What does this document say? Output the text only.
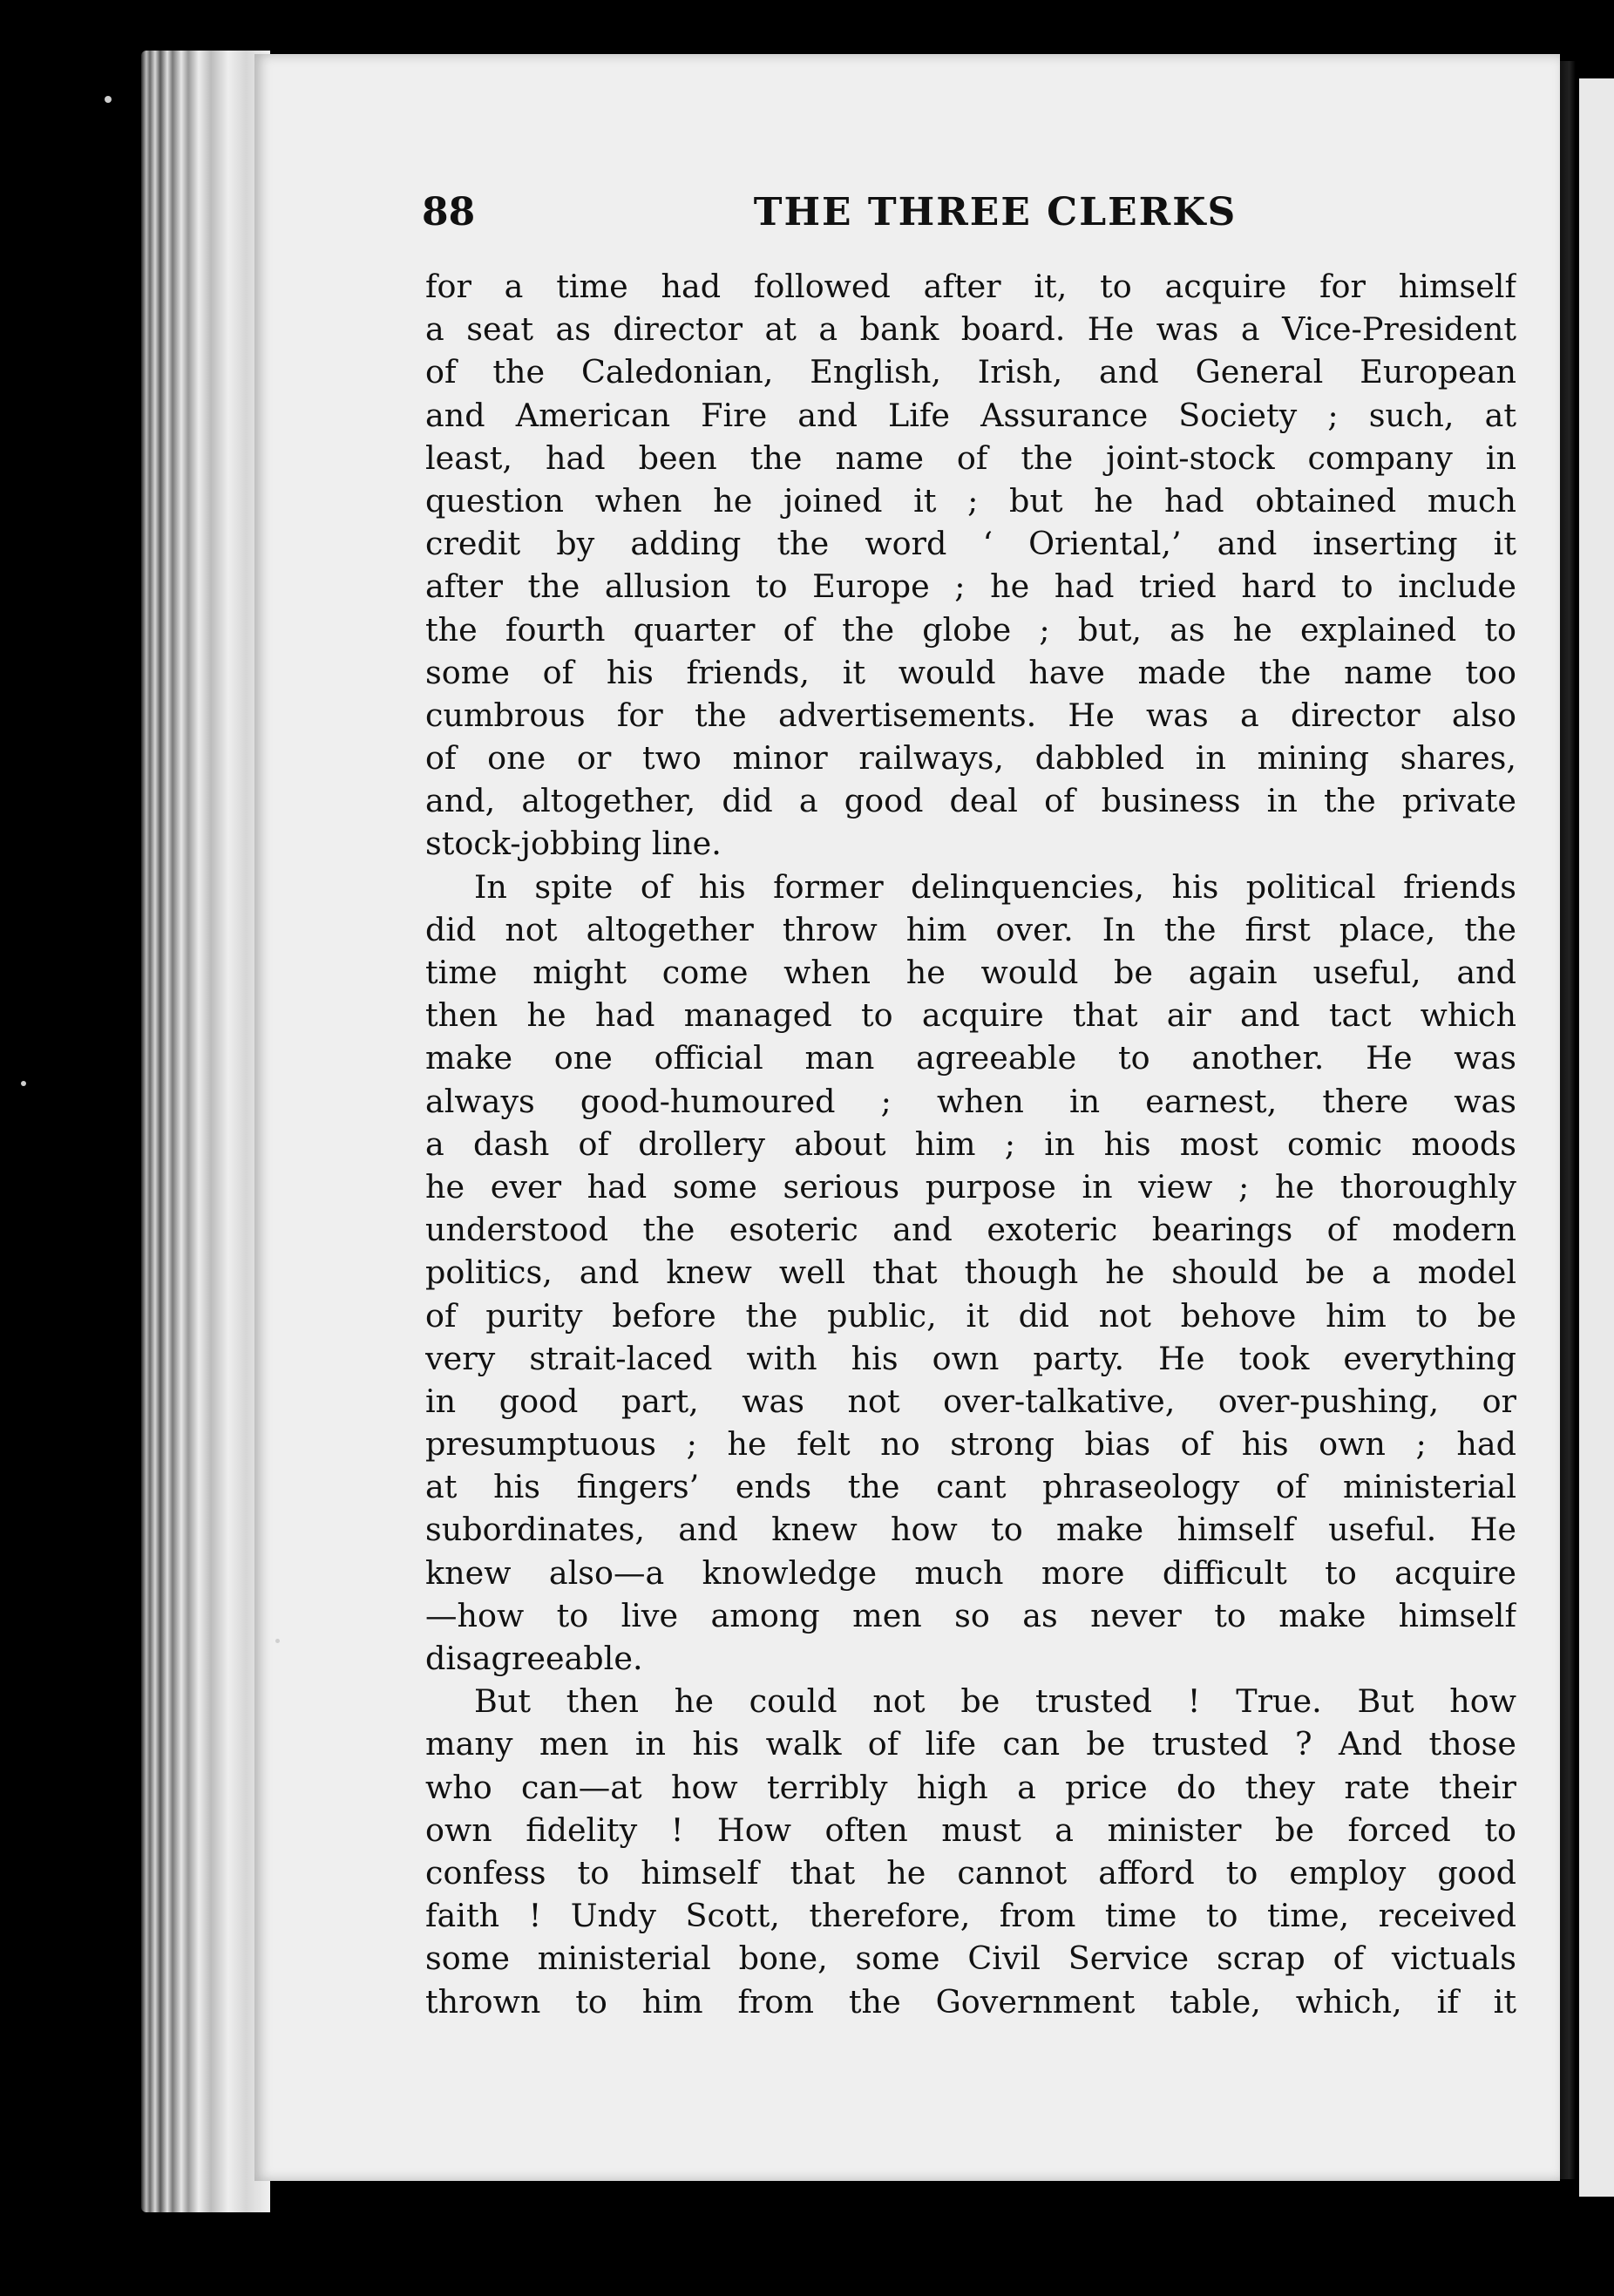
88	THE THREE CLERKS
for a time had followed after it, to acquire for himself
a seat as director at a bank board. He was a Vice-President
of the Caledonian, English, Irish, and General European
and American Fire and Life Assurance Society ; such, at
least, had been the name of the joint-stock company in
question when he joined it ; but he had obtained much
credit by adding the word ‘ Oriental,’ and inserting it
after the allusion to Europe ; he had tried hard to include
the fourth quarter of the globe ; but, as he explained to
some of his friends, it would have made the name too
cumbrous for the advertisements. He was a director also
of one or two minor railways, dabbled in mining shares,
and, altogether, did a good deal of business in the private
stock-jobbing line.
In spite of his former delinquencies, his political friends
did not altogether throw him over. In the first place, the
time might come when he would be again useful, and
then he had managed to acquire that air and tact which
make one official man agreeable to another. He was
always good-humoured ; when in earnest, there was
a dash of drollery about him ; in his most comic moods
he ever had some serious purpose in view ; he thoroughly
understood the esoteric and exoteric bearings of modern
politics, and knew well that though he should be a model
of purity before the public, it did not behove him to be
very strait-laced with his own party. He took everything
in good part, was not over-talkative, over-pushing, or
presumptuous ; he felt no strong bias of his own ; had
at his fingers’ ends the cant phraseology of ministerial
subordinates, and knew how to make himself useful. He
knew also—a knowledge much more difficult to acquire
—how to live among men so as never to make himself
disagreeable.
But then he could not be trusted ! True. But how
many men in his walk of life can be trusted ? And those
who can—at how terribly high a price do they rate their
own fidelity ! How often must a minister be forced to
confess to himself that he cannot afford to employ good
faith ! Undy Scott, therefore, from time to time, received
some ministerial bone, some Civil Service scrap of victuals
thrown to him from the Government table, which, if it
